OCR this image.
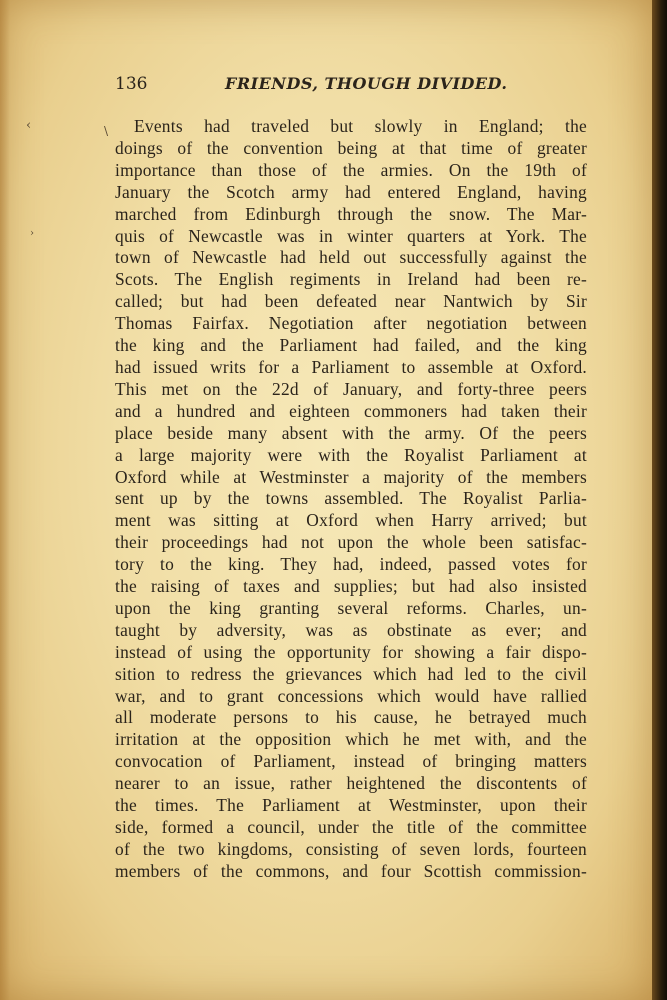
136	FRIENDS, THOUGH DIVIDED.
‹
›
\	Events had traveled but slowly in England; the
doings of the convention being at that time of greater
importance than those of the armies. On the 19th of
January the Scotch army had entered England, having
marched from Edinburgh through the snow. The Mar-
quis of Newcastle was in winter quarters at York. The
town of Newcastle had held out successfully against the
Scots. The English regiments in Ireland had been re-
called; but had been defeated near Nantwich by Sir
Thomas Fairfax. Negotiation after negotiation between
the king and the Parliament had failed, and the king
had issued writs for a Parliament to assemble at Oxford.
This met on the 22d of January, and forty-three peers
and a hundred and eighteen commoners had taken their
place beside many absent with the army. Of the peers
a large majority were with the Royalist Parliament at
Oxford while at Westminster a majority of the members
sent up by the towns assembled. The Royalist Parlia-
ment was sitting at Oxford when Harry arrived; but
their proceedings had not upon the whole been satisfac-
tory to the king. They had, indeed, passed votes for
the raising of taxes and supplies; but had also insisted
upon the king granting several reforms. Charles, un-
taught by adversity, was as obstinate as ever; and
instead of using the opportunity for showing a fair dispo-
sition to redress the grievances which had led to the civil
war, and to grant concessions which would have rallied
all moderate persons to his cause, he betrayed much
irritation at the opposition which he met with, and the
convocation of Parliament, instead of bringing matters
nearer to an issue, rather heightened the discontents of
the times. The Parliament at Westminster, upon their
side, formed a council, under the title of the committee
of the two kingdoms, consisting of seven lords, fourteen
members of the commons, and four Scottish commission-
